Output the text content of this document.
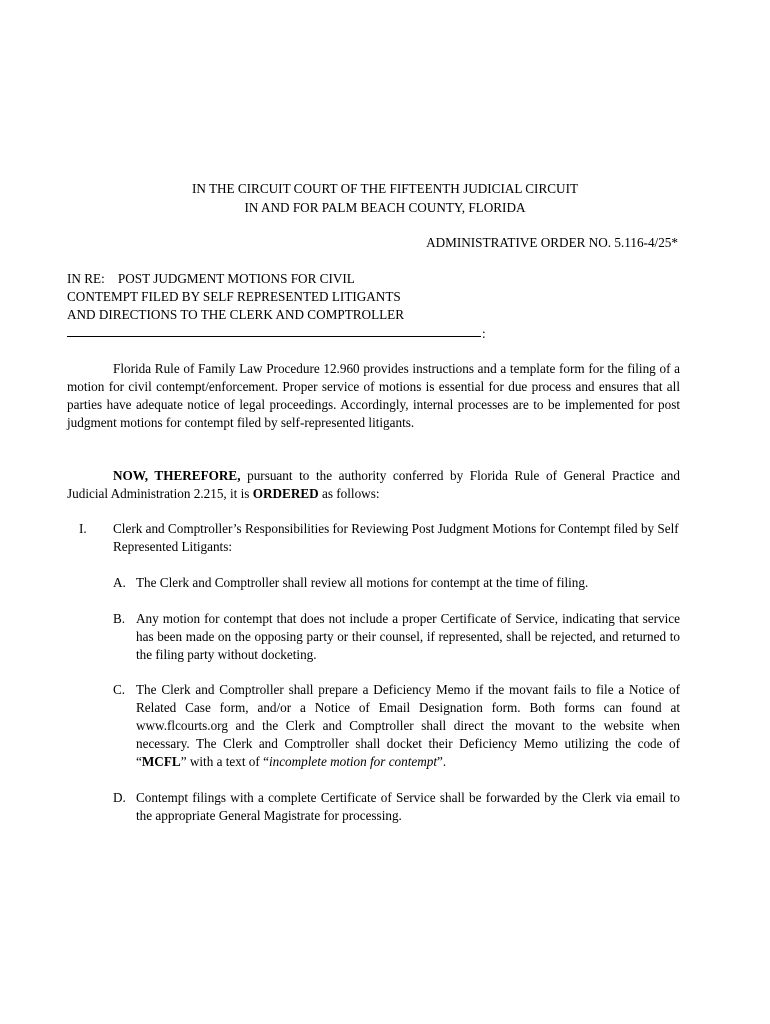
IN THE CIRCUIT COURT OF THE FIFTEENTH JUDICIAL CIRCUIT
IN AND FOR PALM BEACH COUNTY, FLORIDA
ADMINISTRATIVE ORDER NO. 5.116-4/25*
IN RE:    POST JUDGMENT MOTIONS FOR CIVIL
CONTEMPT FILED BY SELF REPRESENTED LITIGANTS
AND DIRECTIONS TO THE CLERK AND COMPTROLLER
:
Florida Rule of Family Law Procedure 12.960 provides instructions and a template form for the filing of a motion for civil contempt/enforcement. Proper service of motions is essential for due process and ensures that all parties have adequate notice of legal proceedings. Accordingly, internal processes are to be implemented for post judgment motions for contempt filed by self-represented litigants.
NOW, THEREFORE, pursuant to the authority conferred by Florida Rule of General Practice and Judicial Administration 2.215, it is ORDERED as follows:
I. Clerk and Comptroller’s Responsibilities for Reviewing Post Judgment Motions for Contempt filed by Self Represented Litigants:
A. The Clerk and Comptroller shall review all motions for contempt at the time of filing.
B. Any motion for contempt that does not include a proper Certificate of Service, indicating that service has been made on the opposing party or their counsel, if represented, shall be rejected, and returned to the filing party without docketing.
C. The Clerk and Comptroller shall prepare a Deficiency Memo if the movant fails to file a Notice of Related Case form, and/or a Notice of Email Designation form. Both forms can found at www.flcourts.org and the Clerk and Comptroller shall direct the movant to the website when necessary. The Clerk and Comptroller shall docket their Deficiency Memo utilizing the code of “MCFL” with a text of “incomplete motion for contempt”.
D. Contempt filings with a complete Certificate of Service shall be forwarded by the Clerk via email to the appropriate General Magistrate for processing.
